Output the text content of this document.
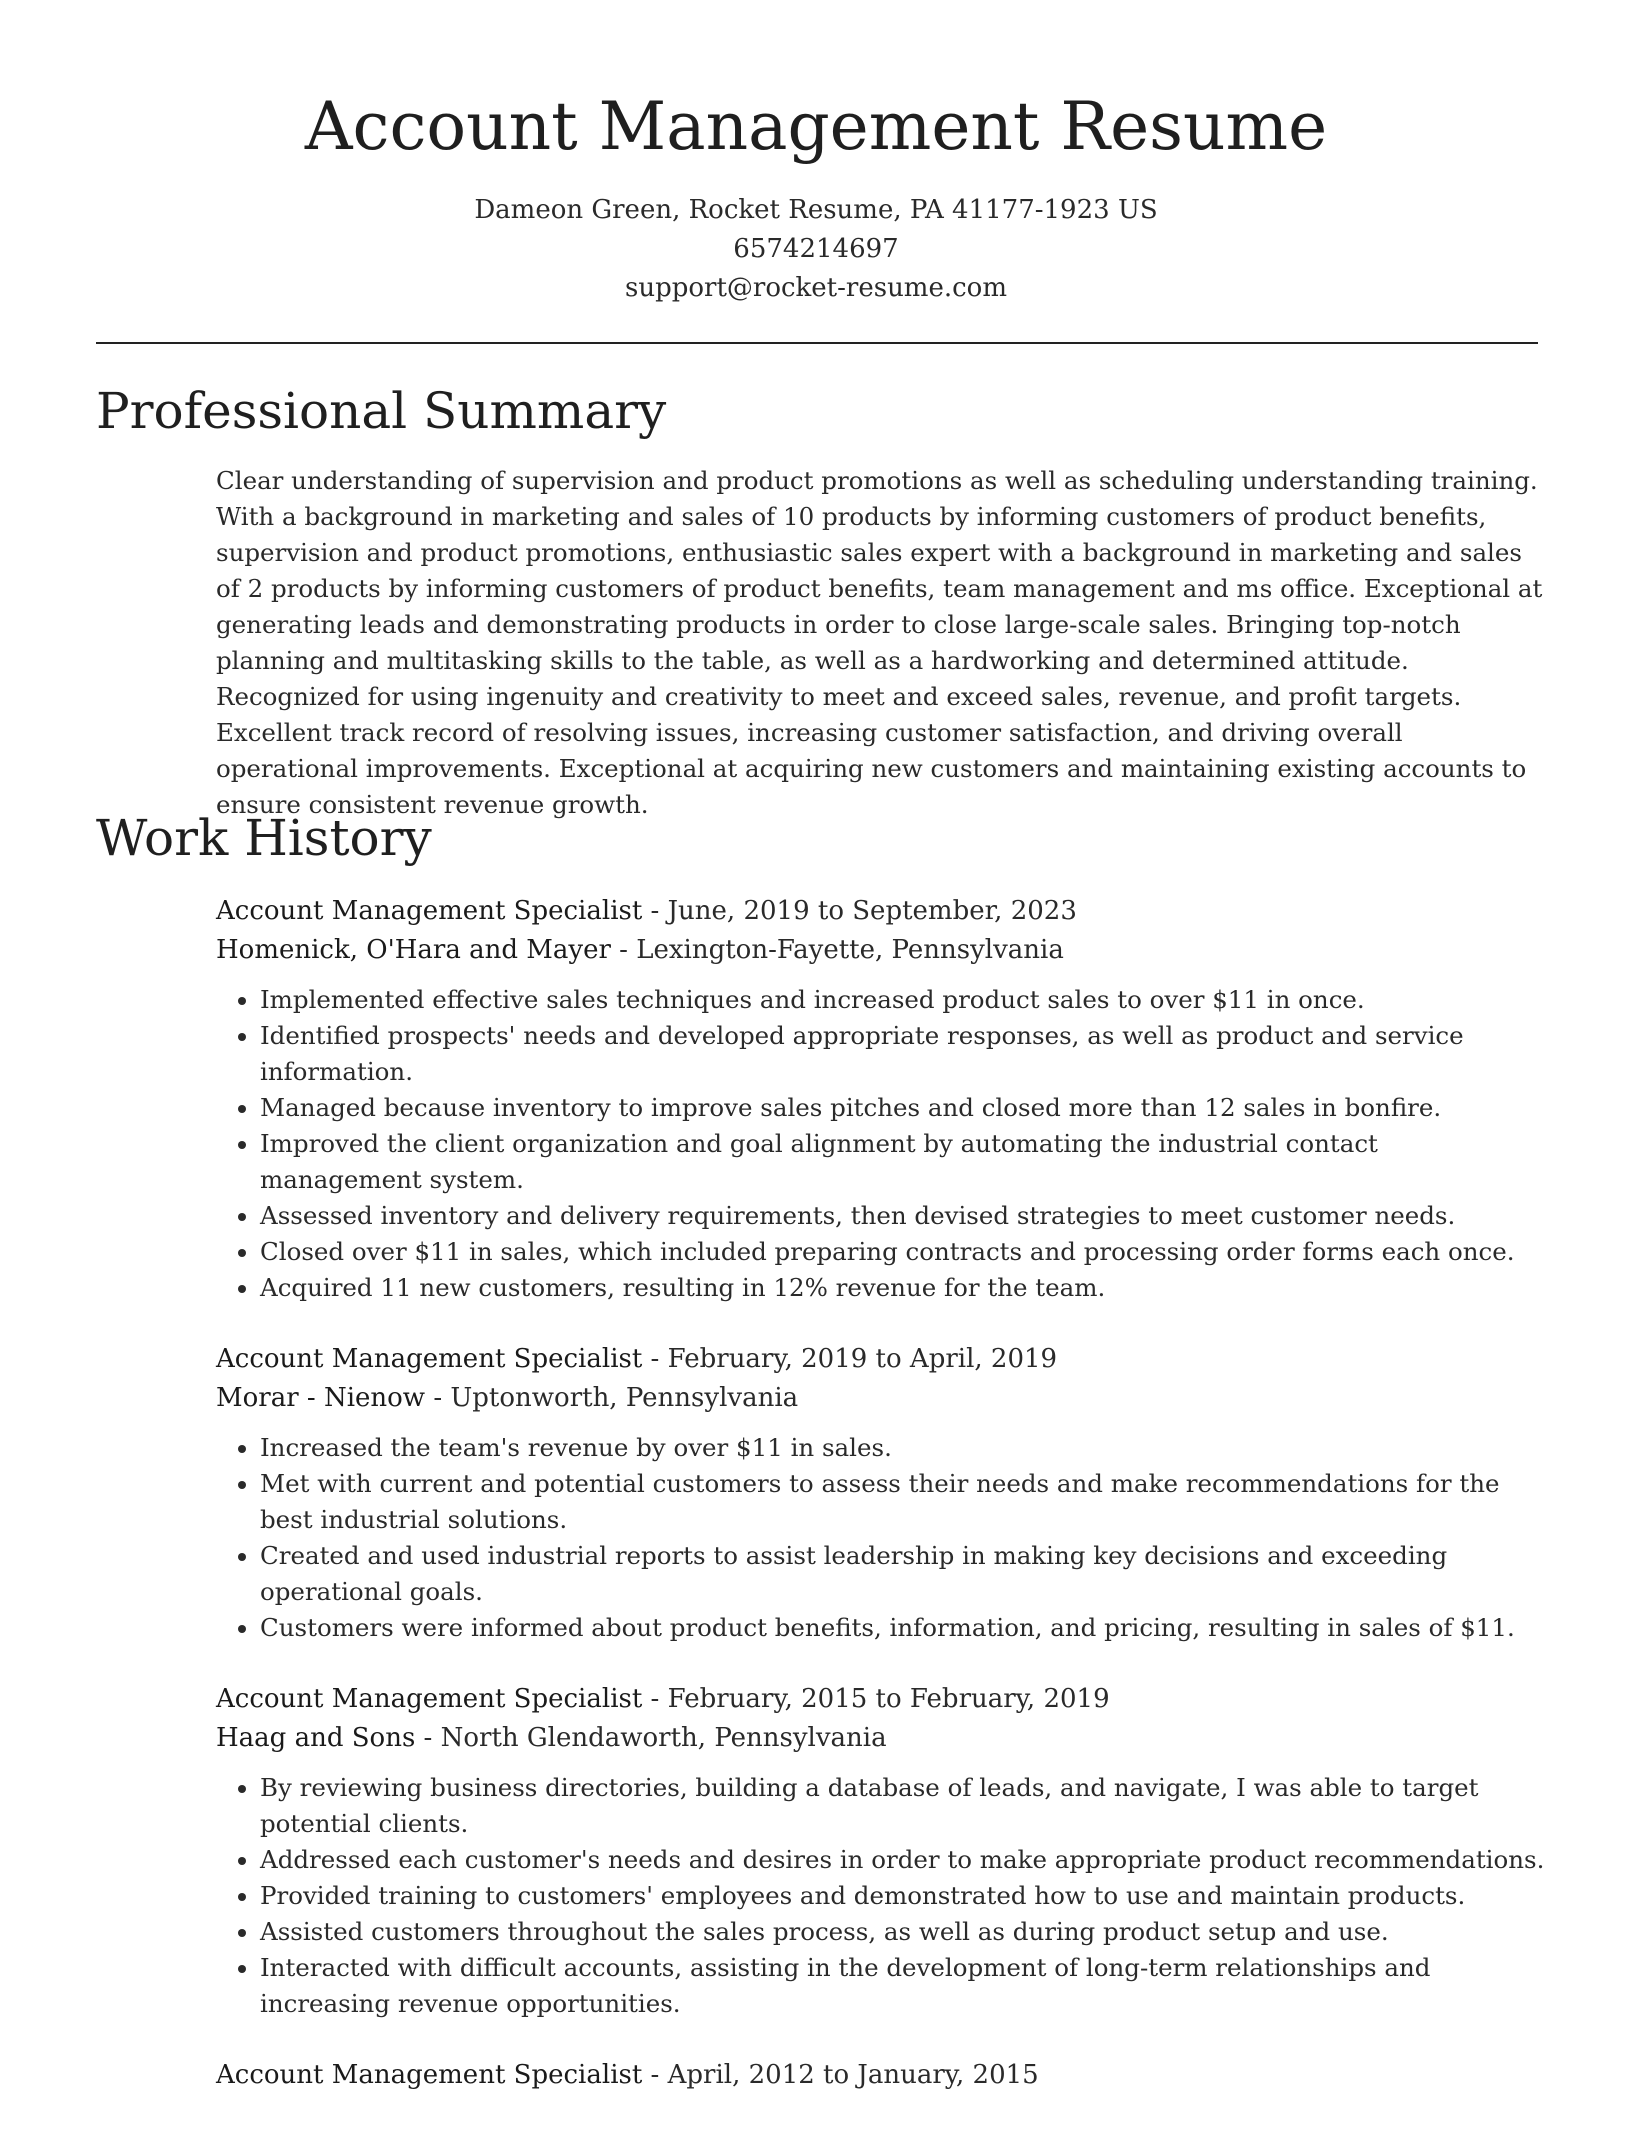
Account Management Resume
Dameon Green, Rocket Resume, PA 41177-1923 US
6574214697
support@rocket-resume.com
Professional Summary

Clear understanding of supervision and product promotions as well as scheduling understanding training. With a background in marketing and sales of 10 products by informing customers of product benefits, supervision and product promotions, enthusiastic sales expert with a background in marketing and sales of 2 products by informing customers of product benefits, team management and ms office. Exceptional at generating leads and demonstrating products in order to close large-scale sales. Bringing top-notch planning and multitasking skills to the table, as well as a hardworking and determined attitude. Recognized for using ingenuity and creativity to meet and exceed sales, revenue, and profit targets. Excellent track record of resolving issues, increasing customer satisfaction, and driving overall operational improvements. Exceptional at acquiring new customers and maintaining existing accounts to ensure consistent revenue growth.

Work History
Account Management Specialist - June, 2019 to September, 2023
Homenick, O'Hara and Mayer - Lexington-Fayette, Pennsylvania
• Implemented effective sales techniques and increased product sales to over $11 in once.
• Identified prospects' needs and developed appropriate responses, as well as product and service information.
• Managed because inventory to improve sales pitches and closed more than 12 sales in bonfire.
• Improved the client organization and goal alignment by automating the industrial contact management system.
• Assessed inventory and delivery requirements, then devised strategies to meet customer needs.
• Closed over $11 in sales, which included preparing contracts and processing order forms each once.
• Acquired 11 new customers, resulting in 12% revenue for the team.
Account Management Specialist - February, 2019 to April, 2019
Morar - Nienow - Uptonworth, Pennsylvania
• Increased the team's revenue by over $11 in sales.
• Met with current and potential customers to assess their needs and make recommendations for the best industrial solutions.
• Created and used industrial reports to assist leadership in making key decisions and exceeding operational goals.
• Customers were informed about product benefits, information, and pricing, resulting in sales of $11.
Account Management Specialist - February, 2015 to February, 2019
Haag and Sons - North Glendaworth, Pennsylvania
• By reviewing business directories, building a database of leads, and navigate, I was able to target potential clients.
• Addressed each customer's needs and desires in order to make appropriate product recommendations.
• Provided training to customers' employees and demonstrated how to use and maintain products.
• Assisted customers throughout the sales process, as well as during product setup and use.
• Interacted with difficult accounts, assisting in the development of long-term relationships and increasing revenue opportunities.
Account Management Specialist - April, 2012 to January, 2015
